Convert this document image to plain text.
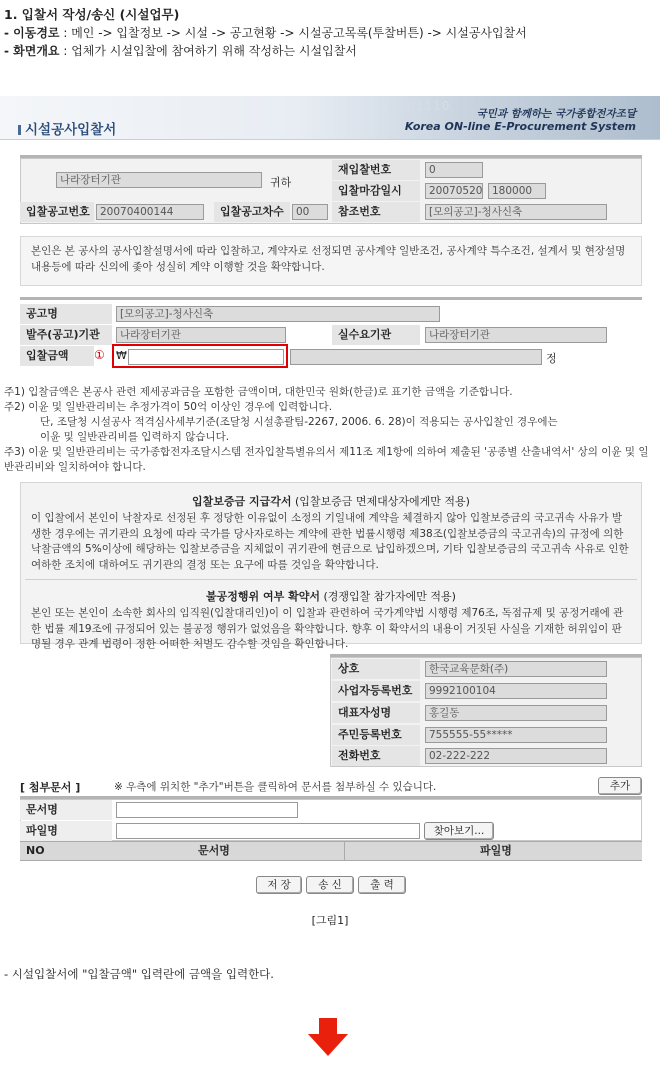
1. 입찰서 작성/송신 (시설업무)
- 이동경로 : 메인 -> 입찰정보 -> 시설 -> 공고현황 -> 시설공고목록(투찰버튼) -> 시설공사입찰서
- 화면개요 : 업체가 시설입찰에 참여하기 위해 작성하는 시설입찰서
0101110
시설공사입찰서
국민과 함께하는 국가종합전자조달
Korea ON-line E-Procurement System
나라장터기관	귀하
재입찰번호	0
입찰마감일시	20070520 180000
입찰공고번호 20070400144	입찰공고차수	00	참조번호	[모의공고]-청사신축
본인은 본 공사의 공사입찰설명서에 따라 입찰하고, 계약자로 선정되면 공사계약 일반조건, 공사계약 특수조건, 설계서 및 현장설명내용등에 따라 신의에 좇아 성실히 계약 이행할 것을 확약합니다.
공고명	[모의공고]-청사신축
발주(공고)기관	나라장터기관	실수요기관	나라장터기관
입찰금액	① ₩	정
주1) 입찰금액은 본공사 관련 제세공과금을 포함한 금액이며, 대한민국 원화(한글)로 표기한 금액을 기준합니다.
주2) 이윤 및 일반관리비는 추정가격이 50억 이상인 경우에 입력합니다.
단, 조달청 시설공사 적격심사세부기준(조달청 시설총괄팀-2267, 2006. 6. 28)이 적용되는 공사입찰인 경우에는
이윤 및 일반관리비를 입력하지 않습니다.
주3) 이윤 및 일반관리비는 국가종합전자조달시스템 전자입찰특별유의서 제11조 제1항에 의하여 제출된 '공종별 산출내역서' 상의 이윤 및 일반관리비와 일치하여야 합니다.
입찰보증금 지급각서 (입찰보증금 면제대상자에게만 적용)
이 입찰에서 본인이 낙찰자로 선정된 후 정당한 이유없이 소정의 기일내에 계약을 체결하지 않아 입찰보증금의 국고귀속 사유가 발생한 경우에는 귀기관의 요청에 따라 국가를 당사자로하는 계약에 관한 법률시행령 제38조(입찰보증금의 국고귀속)의 규정에 의한 낙찰금액의 5%이상에 해당하는 입찰보증금을 지체없이 귀기관에 현금으로 납입하겠으며, 기타 입찰보증금의 국고귀속 사유로 인한 여하한 조치에 대하여도 귀기관의 결정 또는 요구에 따를 것임을 확약합니다.
불공정행위 여부 확약서 (경쟁입찰 참가자에만 적용)
본인 또는 본인이 소속한 회사의 임직원(입찰대리인)이 이 입찰과 관련하여 국가계약법 시행령 제76조, 독점규제 및 공정거래에 관한 법률 제19조에 규정되어 있는 불공정 행위가 없었음을 확약합니다. 향후 이 확약서의 내용이 거짓된 사실을 기재한 허위임이 판명될 경우 관계 법령이 정한 어떠한 처벌도 감수할 것임을 확인합니다.
상호	한국교육문화(주)
사업자등록번호	9992100104
대표자성명	홍길동
주민등록번호	755555-55*****
전화번호	02-222-222
[ 첨부문서 ]	※ 우측에 위치한 "추가"버튼을 클릭하여 문서를 첨부하실 수 있습니다.	추가
문서명
파일명	찾아보기...
NO	문서명	파일명
저 장	송 신	출 력
[그림1]
- 시설입찰서에 "입찰금액" 입력란에 금액을 입력한다.
